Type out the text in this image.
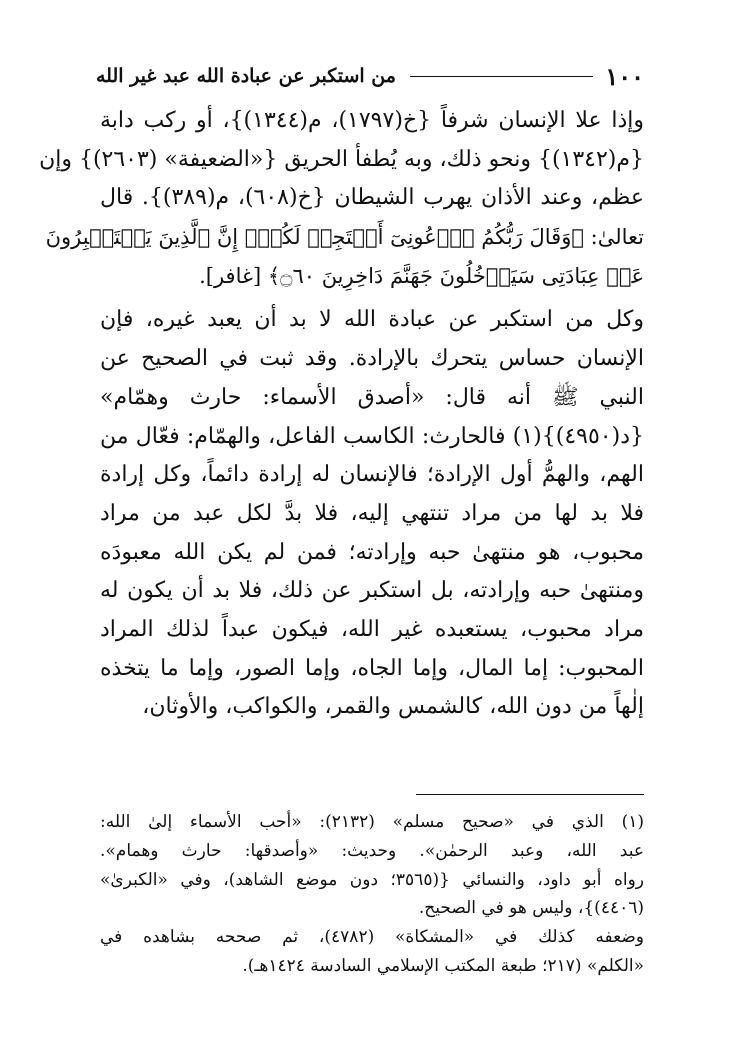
١٠٠
من استكبر عن عبادة الله عبد غير الله
وإذا علا الإنسان شرفاً {خ(١٧٩٧)، م(١٣٤٤)}، أو ركب دابة
{م(١٣٤٢)} ونحو ذلك، وبه يُطفأ الحريق {«الضعيفة» (٢٦٠٣)} وإن
عظم، وعند الأذان يهرب الشيطان {خ(٦٠٨)، م(٣٨٩)}. قال
تعالىٰ: ﴿وَقَالَ رَبُّكُمُ ٱدۡعُونِىٓ أَسۡتَجِبۡ لَكُمۡۚ إِنَّ ٱلَّذِينَ يَسۡتَكۡبِرُونَ
عَنۡ عِبَادَتِى سَيَدۡخُلُونَ جَهَنَّمَ دَاخِرِينَ ۝٦٠﴾ [غافر].
وكل من استكبر عن عبادة الله لا بد أن يعبد غيره، فإن
الإنسان حساس يتحرك بالإرادة. وقد ثبت في الصحيح عن
النبي ﷺ أنه قال: «أصدق الأسماء: حارث وهمّام»
{د(٤٩٥٠)}(١) فالحارث: الكاسب الفاعل، والهمّام: فعّال من
الهم، والهمُّ أول الإرادة؛ فالإنسان له إرادة دائماً، وكل إرادة
فلا بد لها من مراد تنتهي إليه، فلا بدَّ لكل عبد من مراد
محبوب، هو منتهىٰ حبه وإرادته؛ فمن لم يكن الله معبودَه
ومنتهىٰ حبه وإرادته، بل استكبر عن ذلك، فلا بد أن يكون له
مراد محبوب، يستعبده غير الله، فيكون عبداً لذلك المراد
المحبوب: إما المال، وإما الجاه، وإما الصور، وإما ما يتخذه
إلٰهاً من دون الله، كالشمس والقمر، والكواكب، والأوثان،
(١) الذي في «صحيح مسلم» (٢١٣٢): «أحب الأسماء إلىٰ الله:
عبد الله، وعبد الرحمٰن». وحديث: «وأصدقها: حارث وهمام».
رواه أبو داود، والنسائي {(٣٥٦٥؛ دون موضع الشاهد)، وفي «الكبرىٰ»
(٤٤٠٦)}، وليس هو في الصحيح.
وضعفه كذلك في «المشكاة» (٤٧٨٢)، ثم صححه بشاهده في
«الكلم» (٢١٧؛ طبعة المكتب الإسلامي السادسة ١٤٢٤هـ).
